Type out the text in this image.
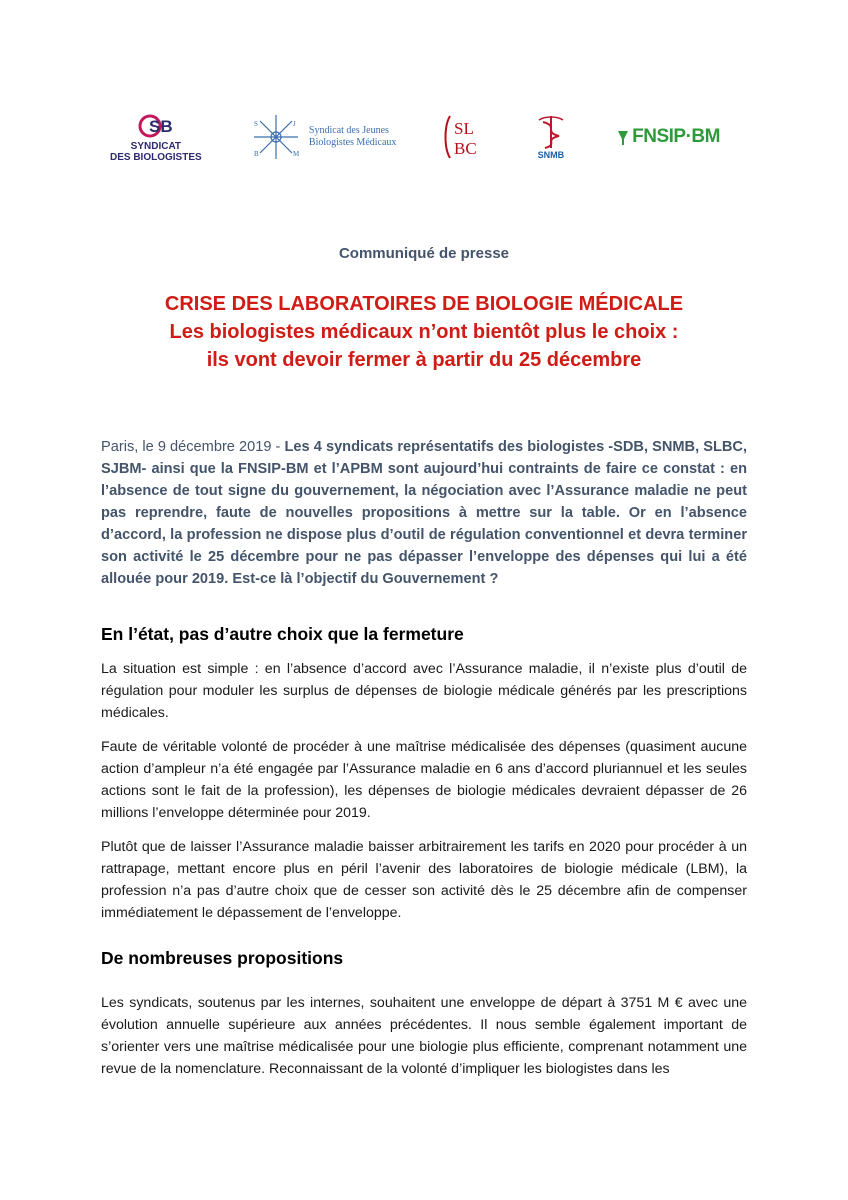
SB
SYNDICAT
DES BIOLOGISTES
S	J
B	M
Syndicat des Jeunes
Biologistes Médicaux
SL
BC	SNMB
FNSIP·BM
Communiqué de presse
CRISE DES LABORATOIRES DE BIOLOGIE MÉDICALE
Les biologistes médicaux n’ont bientôt plus le choix :
ils vont devoir fermer à partir du 25 décembre
Paris, le 9 décembre 2019 - Les 4 syndicats représentatifs des biologistes -SDB, SNMB, SLBC, SJBM- ainsi que la FNSIP-BM et l’APBM sont aujourd’hui contraints de faire ce constat : en l’absence de tout signe du gouvernement, la négociation avec l’Assurance maladie ne peut pas reprendre, faute de nouvelles propositions à mettre sur la table. Or en l’absence d’accord, la profession ne dispose plus d’outil de régulation conventionnel et devra terminer son activité le 25 décembre pour ne pas dépasser l’enveloppe des dépenses qui lui a été allouée pour 2019. Est-ce là l’objectif du Gouvernement ?
En l’état, pas d’autre choix que la fermeture
La situation est simple : en l’absence d’accord avec l’Assurance maladie, il n’existe plus d’outil de régulation pour moduler les surplus de dépenses de biologie médicale générés par les prescriptions médicales.
Faute de véritable volonté de procéder à une maîtrise médicalisée des dépenses (quasiment aucune action d’ampleur n’a été engagée par l’Assurance maladie en 6 ans d’accord pluriannuel et les seules actions sont le fait de la profession), les dépenses de biologie médicales devraient dépasser de 26 millions l’enveloppe déterminée pour 2019.
Plutôt que de laisser l’Assurance maladie baisser arbitrairement les tarifs en 2020 pour procéder à un rattrapage, mettant encore plus en péril l’avenir des laboratoires de biologie médicale (LBM), la profession n’a pas d’autre choix que de cesser son activité dès le 25 décembre afin de compenser immédiatement le dépassement de l’enveloppe.
De nombreuses propositions
Les syndicats, soutenus par les internes, souhaitent une enveloppe de départ à 3751 M € avec une évolution annuelle supérieure aux années précédentes. Il nous semble également important de s’orienter vers une maîtrise médicalisée pour une biologie plus efficiente, comprenant notamment une revue de la nomenclature. Reconnaissant de la volonté d’impliquer les biologistes dans les
